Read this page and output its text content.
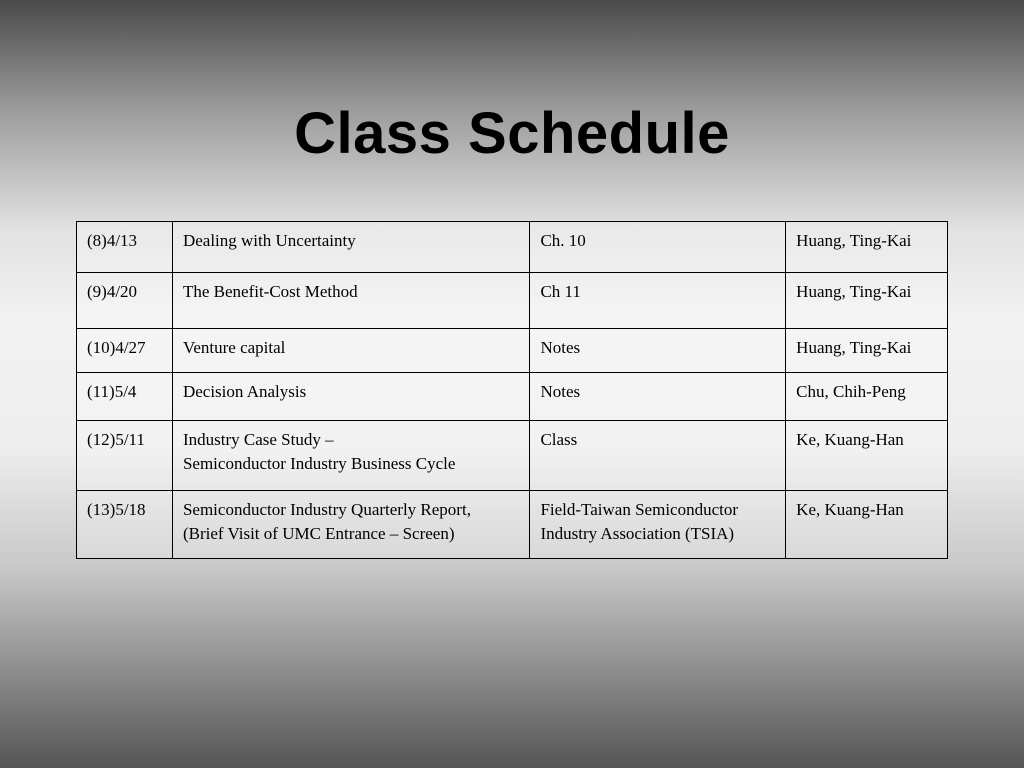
Class Schedule
(8)4/13	Dealing with Uncertainty	Ch. 10	Huang, Ting-Kai
(9)4/20	The Benefit-Cost Method	Ch 11	Huang, Ting-Kai
(10)4/27	Venture capital	Notes	Huang, Ting-Kai
(11)5/4	Decision Analysis	Notes	Chu, Chih-Peng
(12)5/11	Industry Case Study –
Semiconductor Industry Business Cycle	Class	Ke, Kuang-Han
(13)5/18	Semiconductor Industry Quarterly Report,
(Brief Visit of UMC Entrance – Screen)	Field-Taiwan Semiconductor
Industry Association (TSIA)	Ke, Kuang-Han
